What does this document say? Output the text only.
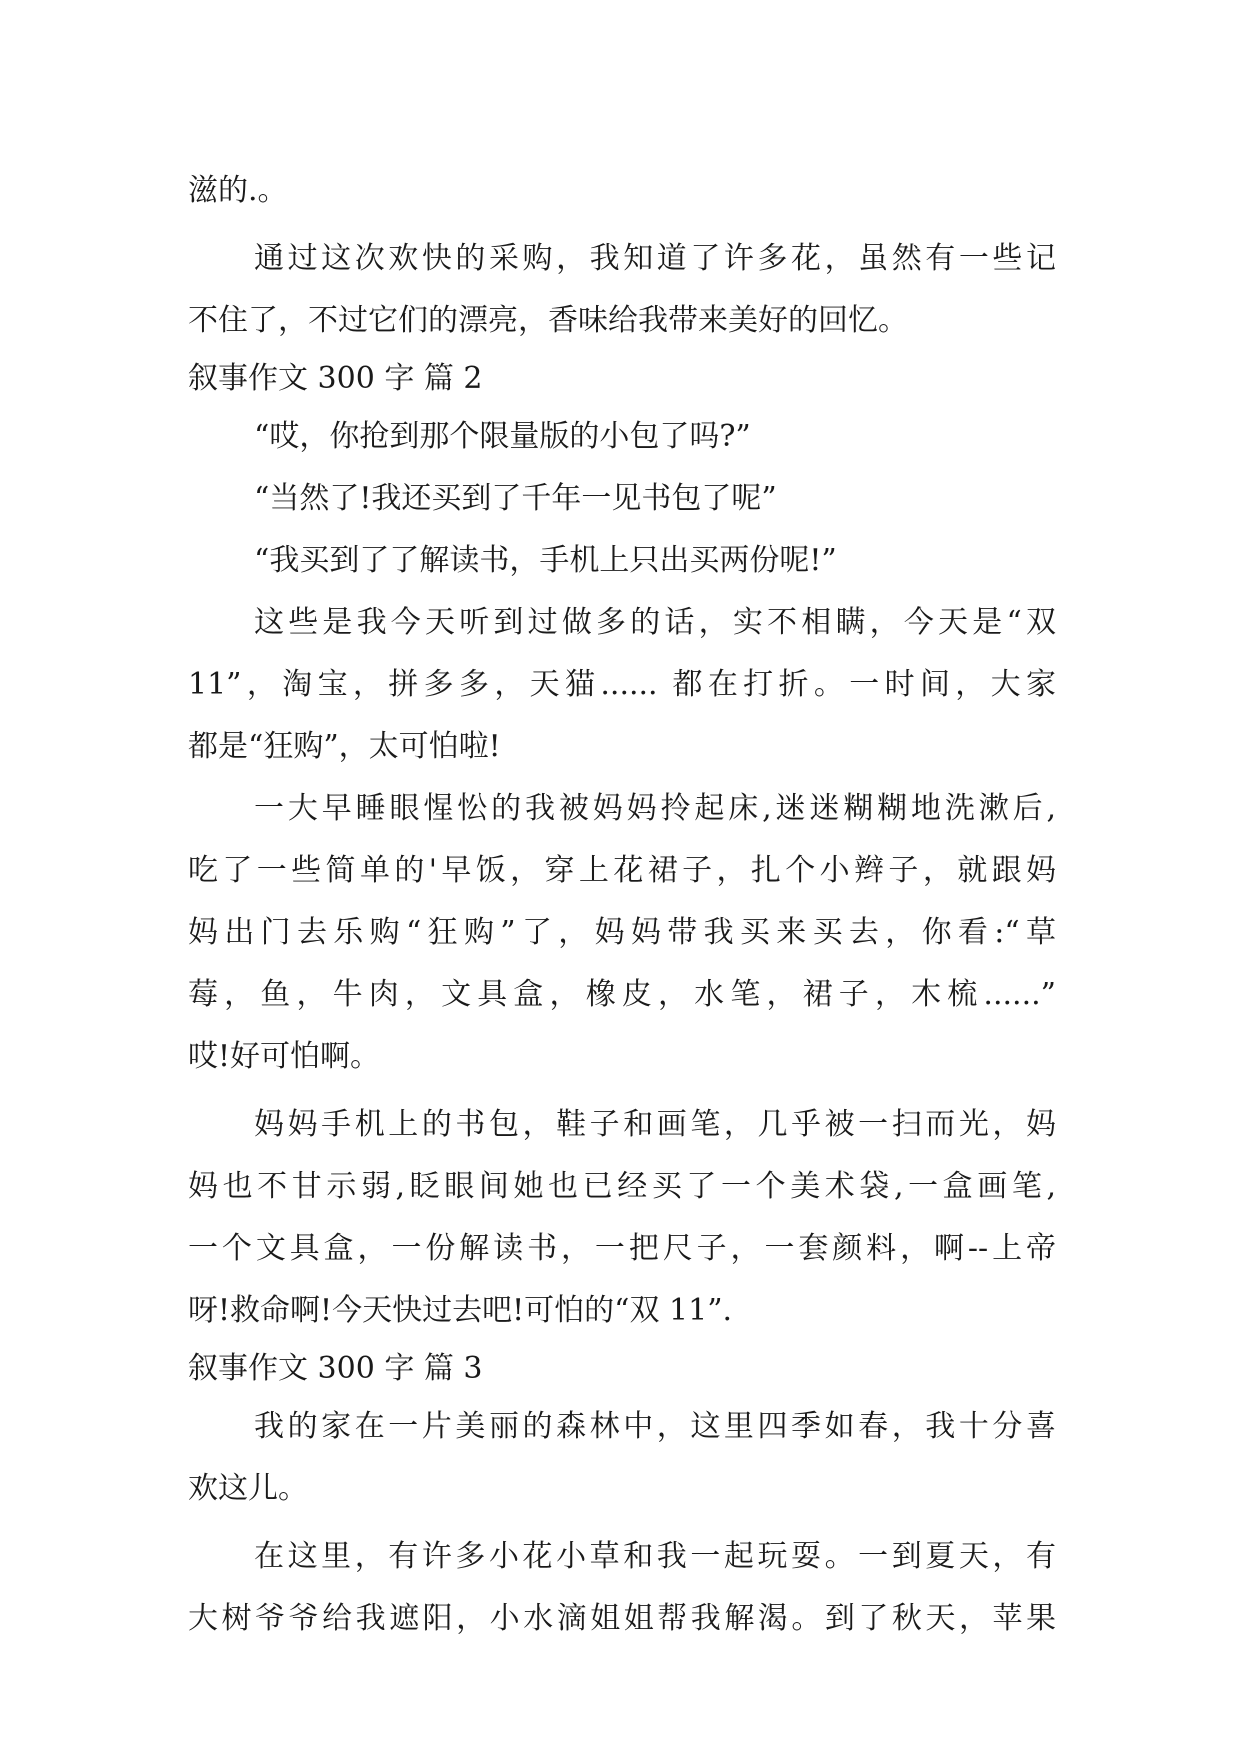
滋的.。
通过这次欢快的采购，我知道了许多花，虽然有一些记
不住了，不过它们的漂亮，香味给我带来美好的回忆。
叙事作文 300 字 篇 2
“哎，你抢到那个限量版的小包了吗?”
“当然了!我还买到了千年一见书包了呢”
“我买到了了解读书，手机上只出买两份呢!”
这些是我今天听到过做多的话，实不相瞒，今天是“双
11”，淘宝，拼多多，天猫...... 都在打折。一时间，大家
都是“狂购”，太可怕啦!
一大早睡眼惺忪的我被妈妈拎起床,迷迷糊糊地洗漱后,
吃了一些简单的'早饭，穿上花裙子，扎个小辫子，就跟妈
妈出门去乐购“狂购”了，妈妈带我买来买去，你看:“草
莓，鱼，牛肉，文具盒，橡皮，水笔，裙子，木梳......”
哎!好可怕啊。
妈妈手机上的书包，鞋子和画笔，几乎被一扫而光，妈
妈也不甘示弱,眨眼间她也已经买了一个美术袋,一盒画笔,
一个文具盒，一份解读书，一把尺子，一套颜料，啊--上帝
呀!救命啊!今天快过去吧!可怕的“双 11”.
叙事作文 300 字 篇 3
我的家在一片美丽的森林中，这里四季如春，我十分喜
欢这儿。
在这里，有许多小花小草和我一起玩耍。一到夏天，有
大树爷爷给我遮阳，小水滴姐姐帮我解渴。到了秋天，苹果
